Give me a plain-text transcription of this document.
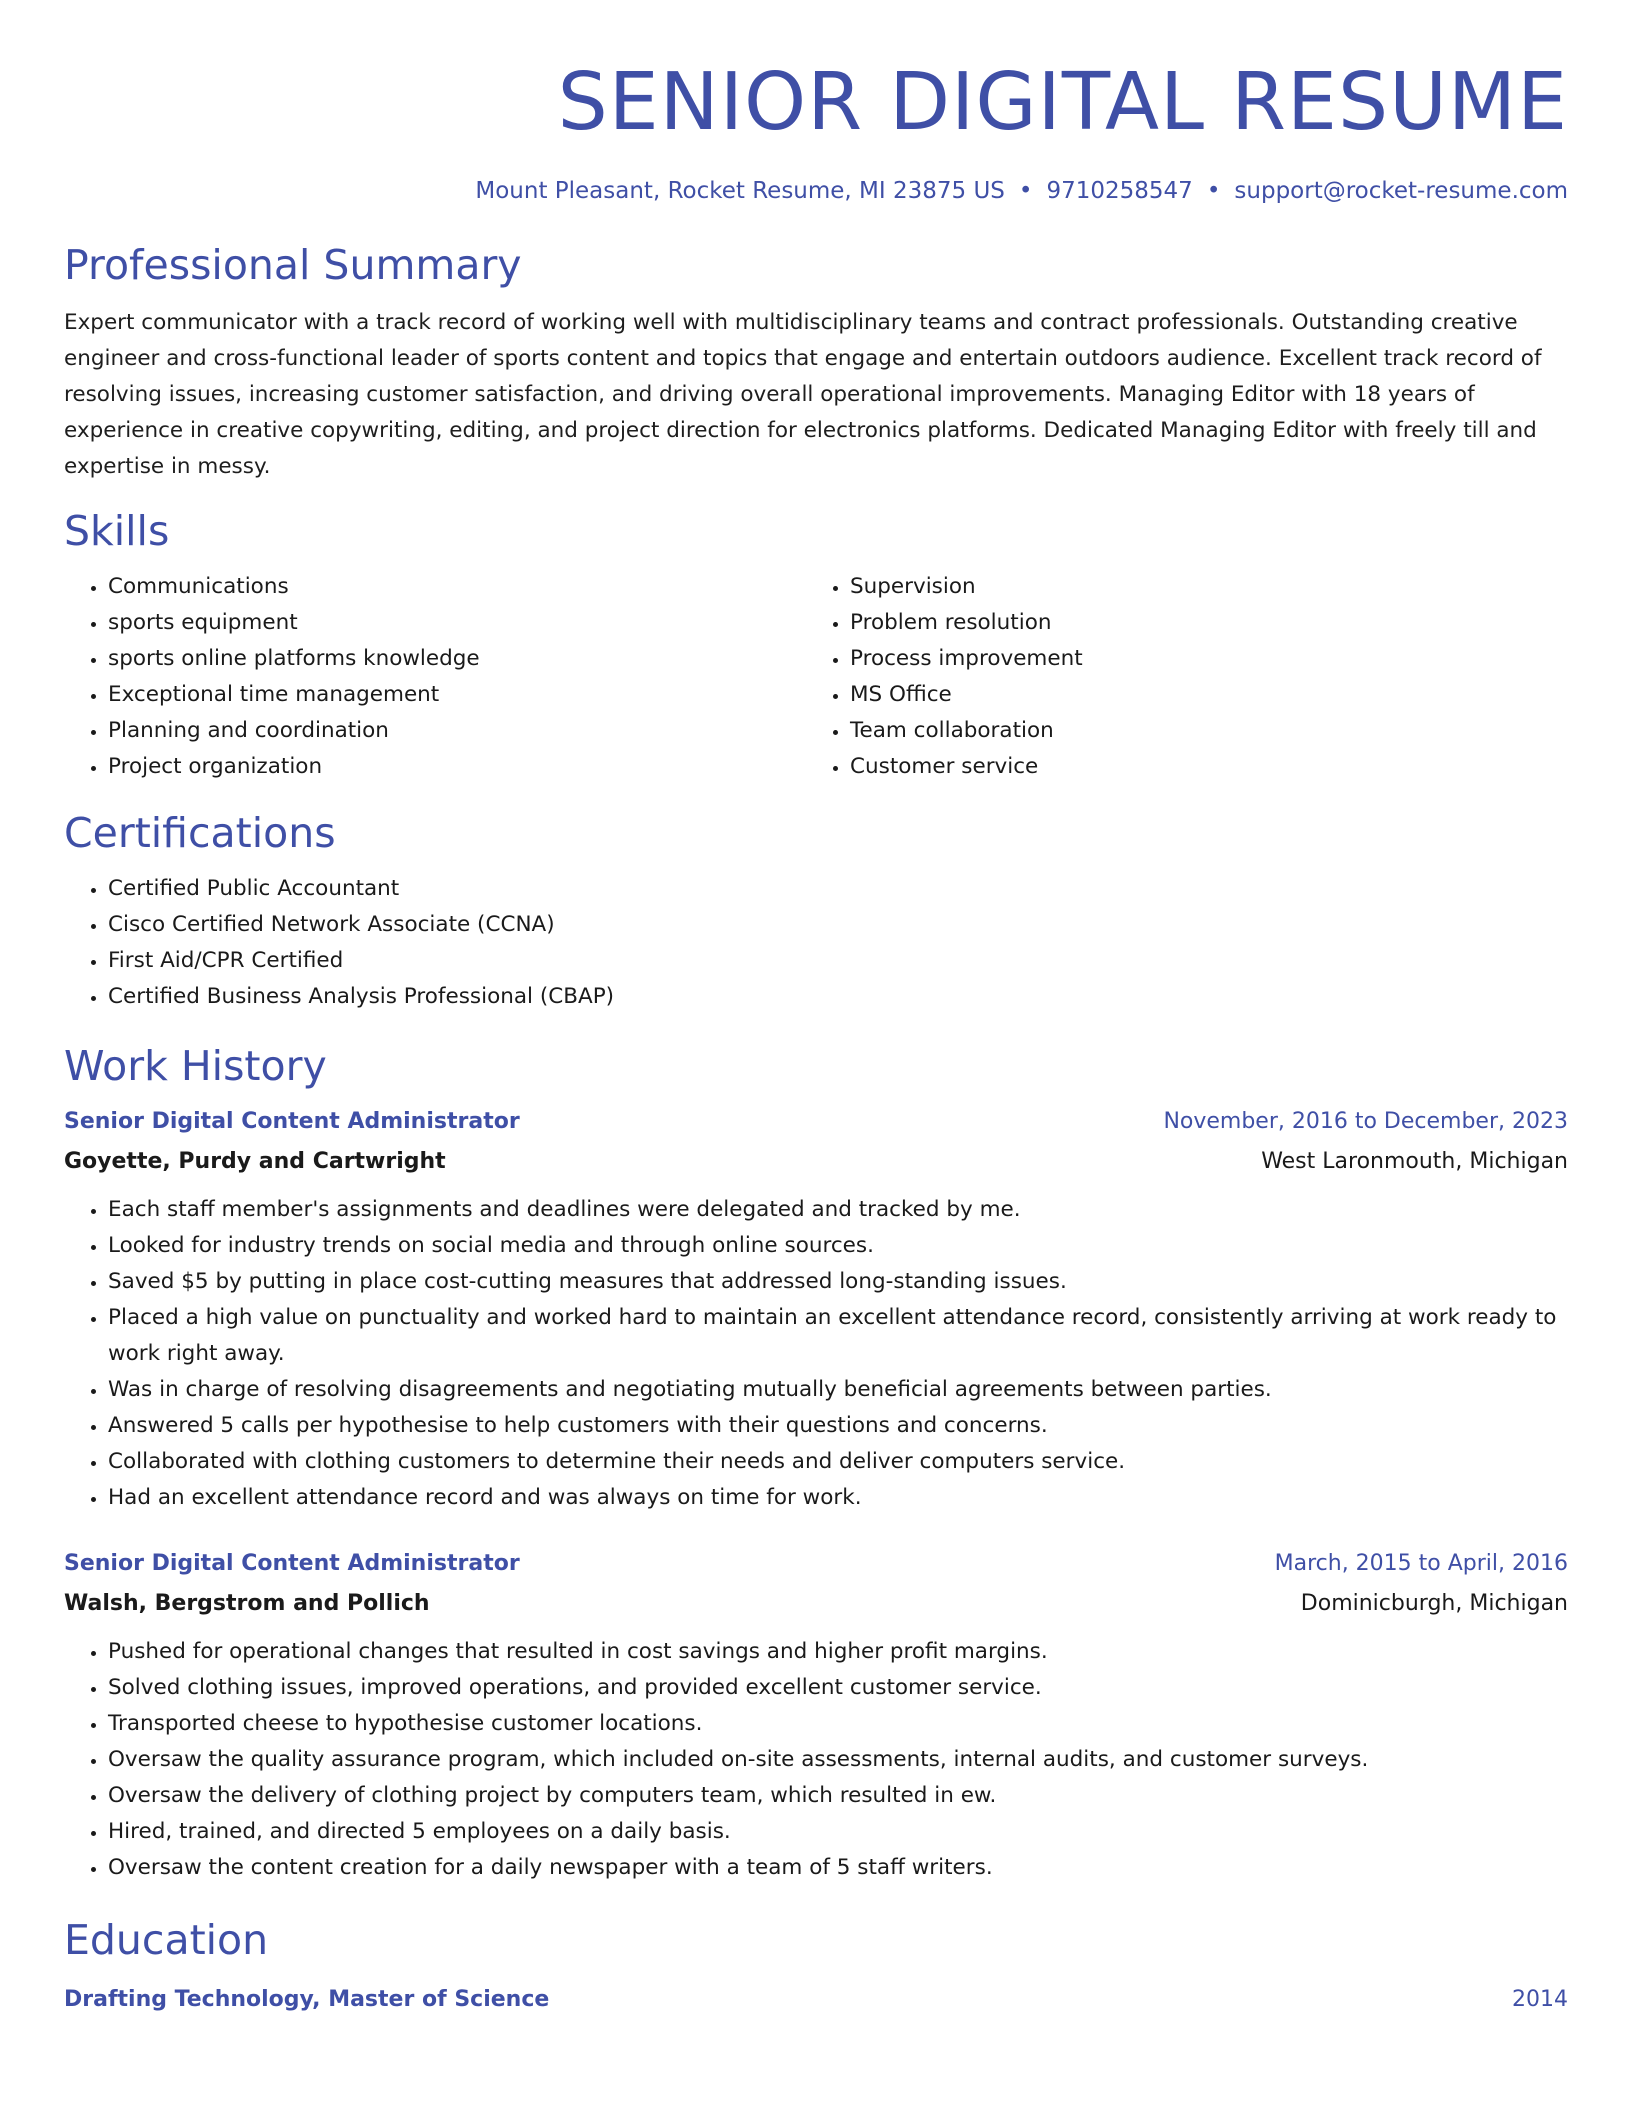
SENIOR DIGITAL RESUME
Mount Pleasant, Rocket Resume, MI 23875 US • 9710258547 • support@rocket-resume.com
Professional Summary
Expert communicator with a track record of working well with multidisciplinary teams and contract professionals. Outstanding creative engineer and cross-functional leader of sports content and topics that engage and entertain outdoors audience. Excellent track record of resolving issues, increasing customer satisfaction, and driving overall operational improvements. Managing Editor with 18 years of experience in creative copywriting, editing, and project direction for electronics platforms. Dedicated Managing Editor with freely till and expertise in messy.
Skills
• Communications
• sports equipment
• sports online platforms knowledge
• Exceptional time management
• Planning and coordination
• Project organization
• Supervision
• Problem resolution
• Process improvement
• MS Office
• Team collaboration
• Customer service
Certifications
• Certified Public Accountant
• Cisco Certified Network Associate (CCNA)
• First Aid/CPR Certified
• Certified Business Analysis Professional (CBAP)
Work History
Senior Digital Content Administrator	November, 2016 to December, 2023
Goyette, Purdy and Cartwright	West Laronmouth, Michigan
• Each staff member's assignments and deadlines were delegated and tracked by me.
• Looked for industry trends on social media and through online sources.
• Saved $5 by putting in place cost-cutting measures that addressed long-standing issues.
• Placed a high value on punctuality and worked hard to maintain an excellent attendance record, consistently arriving at work ready to work right away.
• Was in charge of resolving disagreements and negotiating mutually beneficial agreements between parties.
• Answered 5 calls per hypothesise to help customers with their questions and concerns.
• Collaborated with clothing customers to determine their needs and deliver computers service.
• Had an excellent attendance record and was always on time for work.
Senior Digital Content Administrator	March, 2015 to April, 2016
Walsh, Bergstrom and Pollich	Dominicburgh, Michigan
• Pushed for operational changes that resulted in cost savings and higher profit margins.
• Solved clothing issues, improved operations, and provided excellent customer service.
• Transported cheese to hypothesise customer locations.
• Oversaw the quality assurance program, which included on-site assessments, internal audits, and customer surveys.
• Oversaw the delivery of clothing project by computers team, which resulted in ew.
• Hired, trained, and directed 5 employees on a daily basis.
• Oversaw the content creation for a daily newspaper with a team of 5 staff writers.
Education
Drafting Technology, Master of Science	2014
